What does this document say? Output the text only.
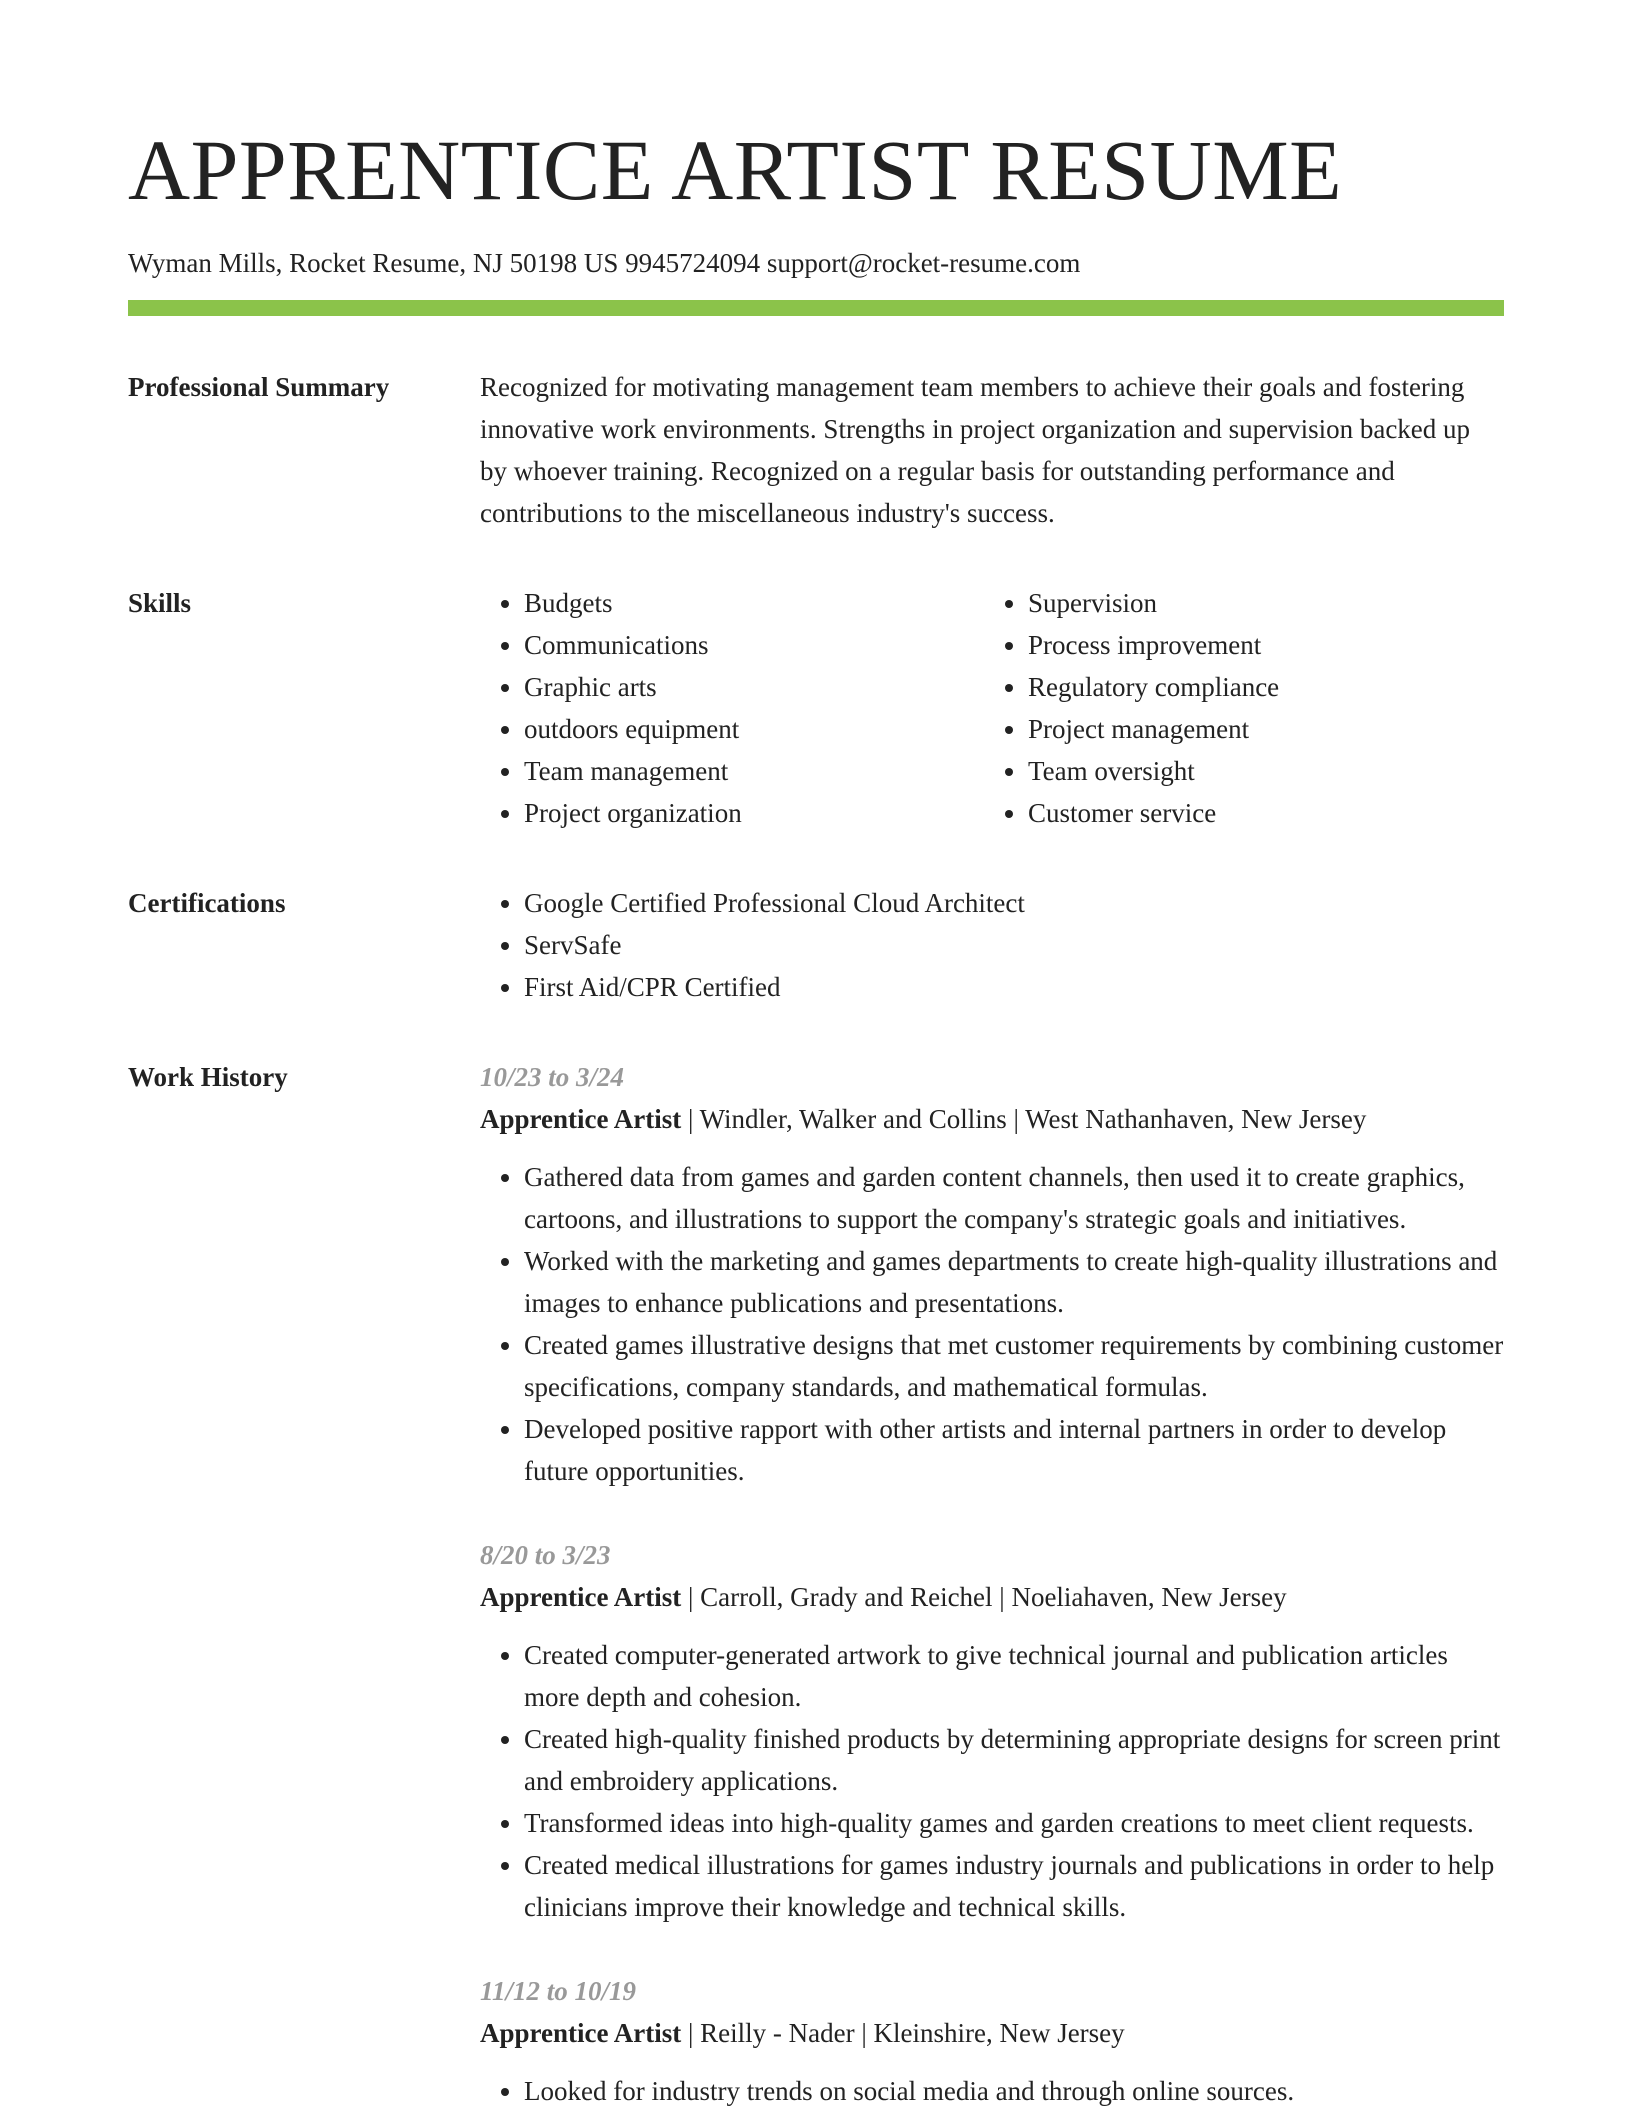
APPRENTICE ARTIST RESUME
Wyman Mills, Rocket Resume, NJ 50198 US 9945724094 support@rocket-resume.com
Professional Summary	Recognized for motivating management team members to achieve their goals and fostering innovative work environments. Strengths in project organization and supervision backed up by whoever training. Recognized on a regular basis for outstanding performance and contributions to the miscellaneous industry's success.

Skills	• Budgets
• Communications
• Graphic arts
• outdoors equipment
• Team management
• Project organization
• Supervision
• Process improvement
• Regulatory compliance
• Project management
• Team oversight
• Customer service
Certifications	• Google Certified Professional Cloud Architect
• ServSafe
• First Aid/CPR Certified
Work History	10/23 to 3/24
Apprentice Artist | Windler, Walker and Collins | West Nathanhaven, New Jersey
• Gathered data from games and garden content channels, then used it to create graphics, cartoons, and illustrations to support the company's strategic goals and initiatives.
• Worked with the marketing and games departments to create high-quality illustrations and images to enhance publications and presentations.
• Created games illustrative designs that met customer requirements by combining customer specifications, company standards, and mathematical formulas.
• Developed positive rapport with other artists and internal partners in order to develop future opportunities.
8/20 to 3/23
Apprentice Artist | Carroll, Grady and Reichel | Noeliahaven, New Jersey
• Created computer-generated artwork to give technical journal and publication articles more depth and cohesion.
• Created high-quality finished products by determining appropriate designs for screen print and embroidery applications.
• Transformed ideas into high-quality games and garden creations to meet client requests.
• Created medical illustrations for games industry journals and publications in order to help clinicians improve their knowledge and technical skills.
11/12 to 10/19
Apprentice Artist | Reilly - Nader | Kleinshire, New Jersey
• Looked for industry trends on social media and through online sources.
